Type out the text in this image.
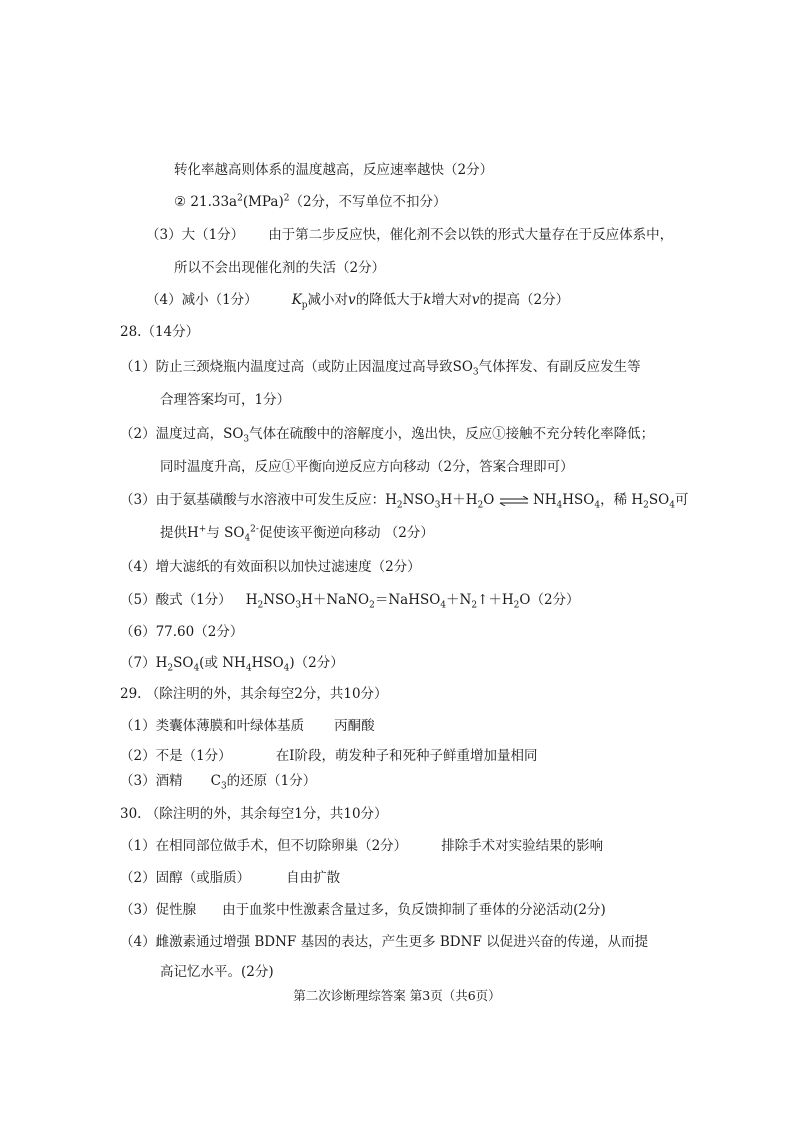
转化率越高则体系的温度越高，反应速率越快（2分）
② $21.33a^2(MPa)^2(2$分，不写单位不扣分）
（3）大（1分） 由于第二步反应快，催化剂不会以铁的形式大量存在于反应体系中，
所以不会出现催化剂的失活（2分）
（4）减小（1分）	$K_p$减小对v的降低大于k增大对v的提高（2分）
28.（14分）
（1）防止三颈烧瓶内温度过高（或防止因温度过高导致$SO_3$气体挥发、有副反应发生等
合理答案均可，1分）
（2）温度过高，$SO_3$气体在硫酸中的溶解度小，逸出快，反应①接触不充分转化率降低；
同时温度升高，反应①平衡向逆反应方向移动（2分，答案合理即可）
（3）由于氨基磺酸与水溶液中可发生反应：$H_2NSO_3H+H_2O$ ⇌ $NH_4HSO_4$，稀 $H_2SO_4$可
提供H+与 $SO_4^{2-}$促使该平衡逆向移动 （2分）
（4）增大滤纸的有效面积以加快过滤速度（2分）
（5）酸式（1分） $H_2NSO_3H+NaNO_2=NaHSO_4+N_2↑+H_2O(2$分）
（6）77.60（2分）
$(7)H_2SO_4$(或 $NH_4HSO_4)(2$分）
29. （除注明的外，其余每空2分，共10分）
（1）类囊体薄膜和叶绿体基质 丙酮酸
（2）不是（1分）	在Ⅰ阶段，萌发种子和死种子鲜重增加量相同
（3）酒精 $C_3$的还原（1分）
30. （除注明的外，其余每空1分，共10分）
（1）在相同部位做手术，但不切除卵巢（2分）	排除手术对实验结果的影响
（2）固醇（或脂质）	自由扩散
（3）促性腺 由于血浆中性激素含量过多，负反馈抑制了垂体的分泌活动(2分)
（4）雌激素通过增强 BDNF 基因的表达，产生更多 BDNF 以促进兴奋的传递，从而提
高记忆水平。(2分)
第二次诊断理综答案 第3页（共6页）
